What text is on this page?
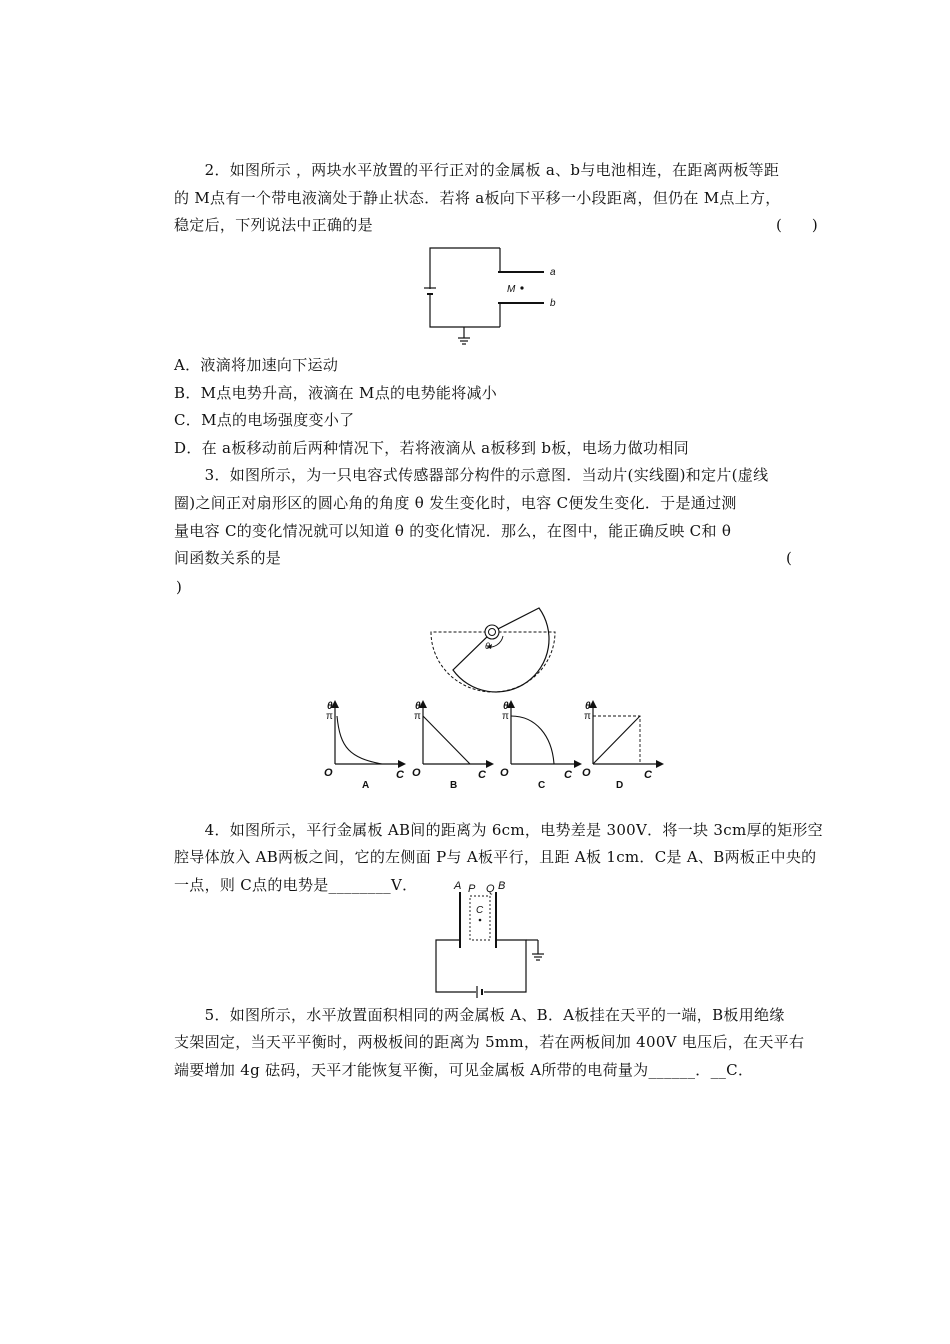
　　2．如图所示 ，两块水平放置的平行正对的金属板 a、b与电池相连，在距离两板等距
的 M点有一个带电液滴处于静止状态．若将 a板向下平移一小段距离，但仍在 M点上方，
稳定后，下列说法中正确的是	(　　)
M
a
b
A．液滴将加速向下运动
B．M点电势升高，液滴在 M点的电势能将减小
C．M点的电场强度变小了
D．在 a板移动前后两种情况下，若将液滴从 a板移到 b板，电场力做功相同
　　3．如图所示，为一只电容式传感器部分构件的示意图．当动片(实线圈)和定片(虚线
圈)之间正对扇形区的圆心角的角度 θ 发生变化时，电容 C便发生变化．于是通过测
量电容 C的变化情况就可以知道 θ 的变化情况．那么，在图中，能正确反映 C和 θ
间函数关系的是	(
)
θ
θ
π
O	C
A
θ
π
O	C
B
θ
π
O	C
C
θ
π
O	C
D
　　4．如图所示，平行金属板 AB间的距离为 6cm，电势差是 300V．将一块 3cm厚的矩形空
腔导体放入 AB两板之间，它的左侧面 P与 A板平行，且距 A板 1cm．C是 A、B两板正中央的
一点，则 C点的电势是________V．	A P Q B
C
　　5．如图所示，水平放置面积相同的两金属板 A、B．A板挂在天平的一端，B板用绝缘
支架固定，当天平平衡时，两极板间的距离为 5mm，若在两板间加 400V 电压后，在天平右
端要增加 4g 砝码，天平才能恢复平衡，可见金属板 A所带的电荷量为______．__C．
